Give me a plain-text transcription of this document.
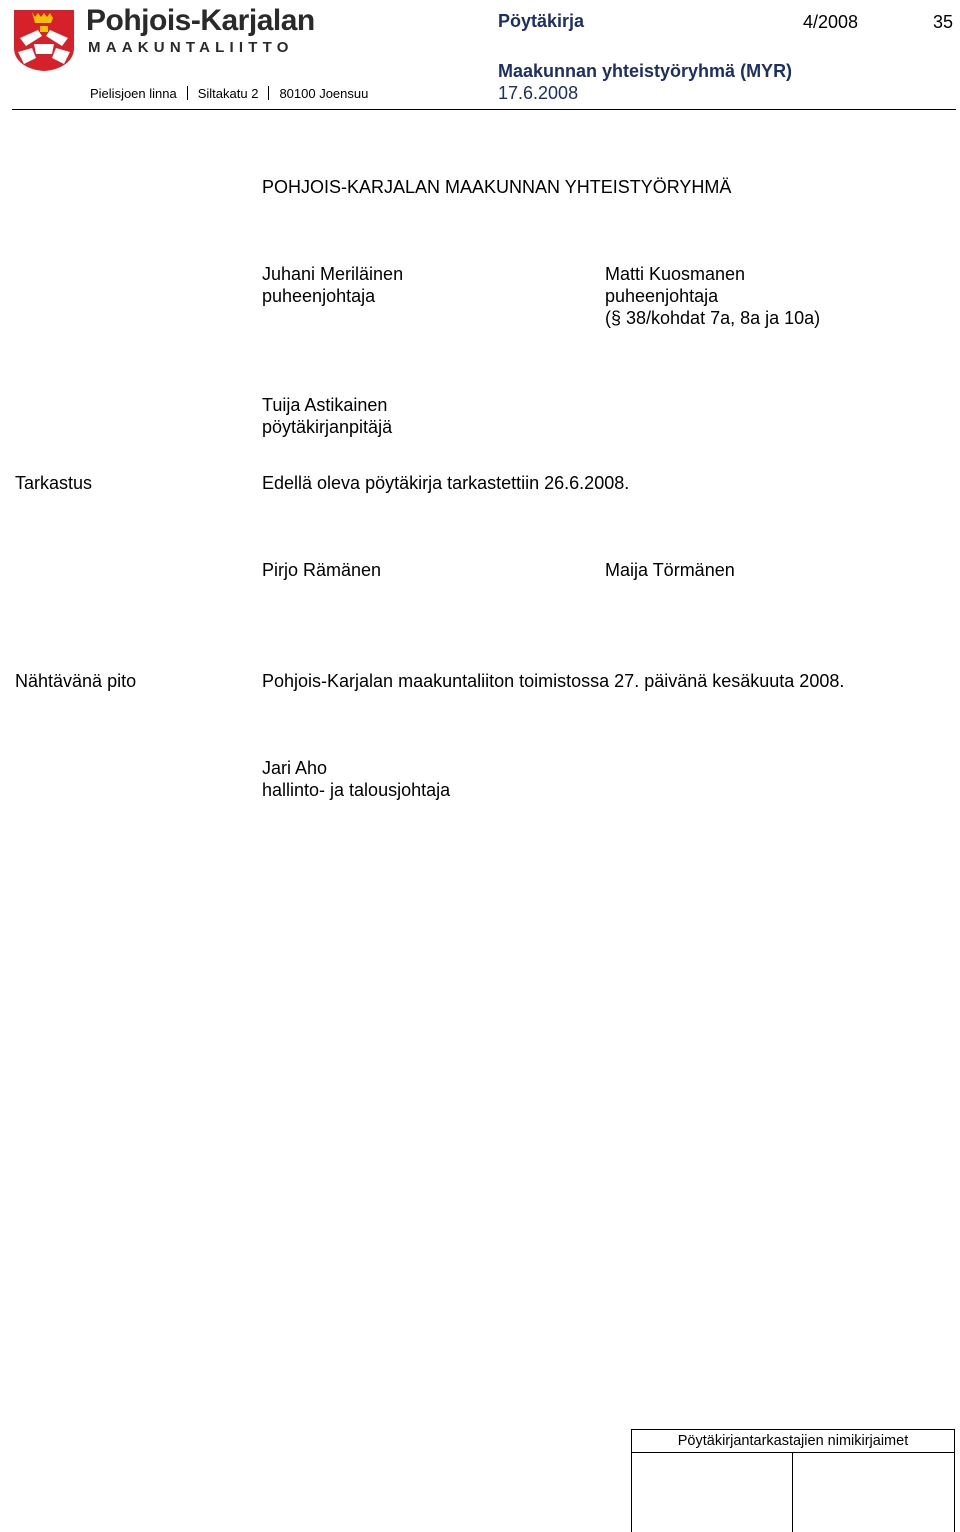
Pohjois-Karjalan
MAAKUNTALIITTO
Pielisjoen linna Siltakatu 2 80100 Joensuu
Pöytäkirja	4/2008	35
Maakunnan yhteistyöryhmä (MYR)
17.6.2008
POHJOIS-KARJALAN MAAKUNNAN YHTEISTYÖRYHMÄ
Juhani Meriläinen
puheenjohtaja
Matti Kuosmanen
puheenjohtaja
(§ 38/kohdat 7a, 8a ja 10a)
Tuija Astikainen
pöytäkirjanpitäjä
Tarkastus	Edellä oleva pöytäkirja tarkastettiin 26.6.2008.
Pirjo Rämänen	Maija Törmänen
Nähtävänä pito	Pohjois-Karjalan maakuntaliiton toimistossa 27. päivänä kesäkuuta 2008.
Jari Aho
hallinto- ja talousjohtaja
Pöytäkirjantarkastajien nimikirjaimet
